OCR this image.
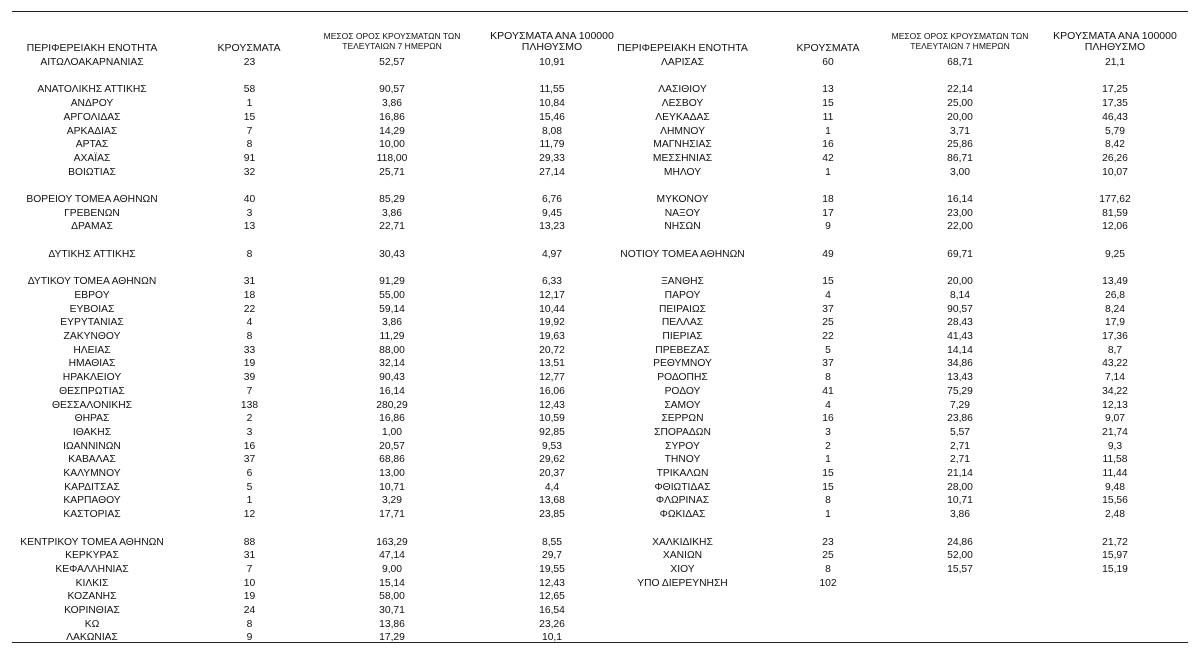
ΠΕΡΙΦΕΡΕΙΑΚΗ ΕΝΟΤΗΤΑ	ΚΡΟΥΣΜΑΤΑ
ΜΕΣΟΣ ΟΡΟΣ ΚΡΟΥΣΜΑΤΩΝ ΤΩΝ
ΤΕΛΕΥΤΑΙΩΝ 7 ΗΜΕΡΩΝ
ΚΡΟΥΣΜΑΤΑ ΑΝΑ 100000
ΠΛΗΘΥΣΜΟ
ΑΙΤΩΛΟΑΚΑΡΝΑΝΙΑΣ	23	52,57	10,91
ΑΝΑΤΟΛΙΚΗΣ ΑΤΤΙΚΗΣ	58	90,57	11,55
ΑΝΔΡΟΥ	1	3,86	10,84
ΑΡΓΟΛΙΔΑΣ	15	16,86	15,46
ΑΡΚΑΔΙΑΣ	7	14,29	8,08
ΑΡΤΑΣ	8	10,00	11,79
ΑΧΑΪΑΣ	91	118,00	29,33
ΒΟΙΩΤΙΑΣ	32	25,71	27,14
ΒΟΡΕΙΟΥ ΤΟΜΕΑ ΑΘΗΝΩΝ	40	85,29	6,76
ΓΡΕΒΕΝΩΝ	3	3,86	9,45
ΔΡΑΜΑΣ	13	22,71	13,23
ΔΥΤΙΚΗΣ ΑΤΤΙΚΗΣ	8	30,43	4,97
ΔΥΤΙΚΟΥ ΤΟΜΕΑ ΑΘΗΝΩΝ	31	91,29	6,33
ΕΒΡΟΥ	18	55,00	12,17
ΕΥΒΟΙΑΣ	22	59,14	10,44
ΕΥΡΥΤΑΝΙΑΣ	4	3,86	19,92
ΖΑΚΥΝΘΟΥ	8	11,29	19,63
ΗΛΕΙΑΣ	33	88,00	20,72
ΗΜΑΘΙΑΣ	19	32,14	13,51
ΗΡΑΚΛΕΙΟΥ	39	90,43	12,77
ΘΕΣΠΡΩΤΙΑΣ	7	16,14	16,06
ΘΕΣΣΑΛΟΝΙΚΗΣ	138	280,29	12,43
ΘΗΡΑΣ	2	16,86	10,59
ΙΘΑΚΗΣ	3	1,00	92,85
ΙΩΑΝΝΙΝΩΝ	16	20,57	9,53
ΚΑΒΑΛΑΣ	37	68,86	29,62
ΚΑΛΥΜΝΟΥ	6	13,00	20,37
ΚΑΡΔΙΤΣΑΣ	5	10,71	4,4
ΚΑΡΠΑΘΟΥ	1	3,29	13,68
ΚΑΣΤΟΡΙΑΣ	12	17,71	23,85
ΚΕΝΤΡΙΚΟΥ ΤΟΜΕΑ ΑΘΗΝΩΝ	88	163,29	8,55
ΚΕΡΚΥΡΑΣ	31	47,14	29,7
ΚΕΦΑΛΛΗΝΙΑΣ	7	9,00	19,55
ΚΙΛΚΙΣ	10	15,14	12,43
ΚΟΖΑΝΗΣ	19	58,00	12,65
ΚΟΡΙΝΘΙΑΣ	24	30,71	16,54
ΚΩ	8	13,86	23,26
ΛΑΚΩΝΙΑΣ	9	17,29	10,1
ΠΕΡΙΦΕΡΕΙΑΚΗ ΕΝΟΤΗΤΑ	ΚΡΟΥΣΜΑΤΑ
ΜΕΣΟΣ ΟΡΟΣ ΚΡΟΥΣΜΑΤΩΝ ΤΩΝ
ΤΕΛΕΥΤΑΙΩΝ 7 ΗΜΕΡΩΝ
ΚΡΟΥΣΜΑΤΑ ΑΝΑ 100000
ΠΛΗΘΥΣΜΟ
ΛΑΡΙΣΑΣ	60	68,71	21,1
ΛΑΣΙΘΙΟΥ	13	22,14	17,25
ΛΕΣΒΟΥ	15	25,00	17,35
ΛΕΥΚΑΔΑΣ	11	20,00	46,43
ΛΗΜΝΟΥ	1	3,71	5,79
ΜΑΓΝΗΣΙΑΣ	16	25,86	8,42
ΜΕΣΣΗΝΙΑΣ	42	86,71	26,26
ΜΗΛΟΥ	1	3,00	10,07
ΜΥΚΟΝΟΥ	18	16,14	177,62
ΝΑΞΟΥ	17	23,00	81,59
ΝΗΣΩΝ	9	22,00	12,06
ΝΟΤΙΟΥ ΤΟΜΕΑ ΑΘΗΝΩΝ	49	69,71	9,25
ΞΑΝΘΗΣ	15	20,00	13,49
ΠΑΡΟΥ	4	8,14	26,8
ΠΕΙΡΑΙΩΣ	37	90,57	8,24
ΠΕΛΛΑΣ	25	28,43	17,9
ΠΙΕΡΙΑΣ	22	41,43	17,36
ΠΡΕΒΕΖΑΣ	5	14,14	8,7
ΡΕΘΥΜΝΟΥ	37	34,86	43,22
ΡΟΔΟΠΗΣ	8	13,43	7,14
ΡΟΔΟΥ	41	75,29	34,22
ΣΑΜΟΥ	4	7,29	12,13
ΣΕΡΡΩΝ	16	23,86	9,07
ΣΠΟΡΑΔΩΝ	3	5,57	21,74
ΣΥΡΟΥ	2	2,71	9,3
ΤΗΝΟΥ	1	2,71	11,58
ΤΡΙΚΑΛΩΝ	15	21,14	11,44
ΦΘΙΩΤΙΔΑΣ	15	28,00	9,48
ΦΛΩΡΙΝΑΣ	8	10,71	15,56
ΦΩΚΙΔΑΣ	1	3,86	2,48
ΧΑΛΚΙΔΙΚΗΣ	23	24,86	21,72
ΧΑΝΙΩΝ	25	52,00	15,97
ΧΙΟΥ	8	15,57	15,19
ΥΠΟ ΔΙΕΡΕΥΝΗΣΗ	102
